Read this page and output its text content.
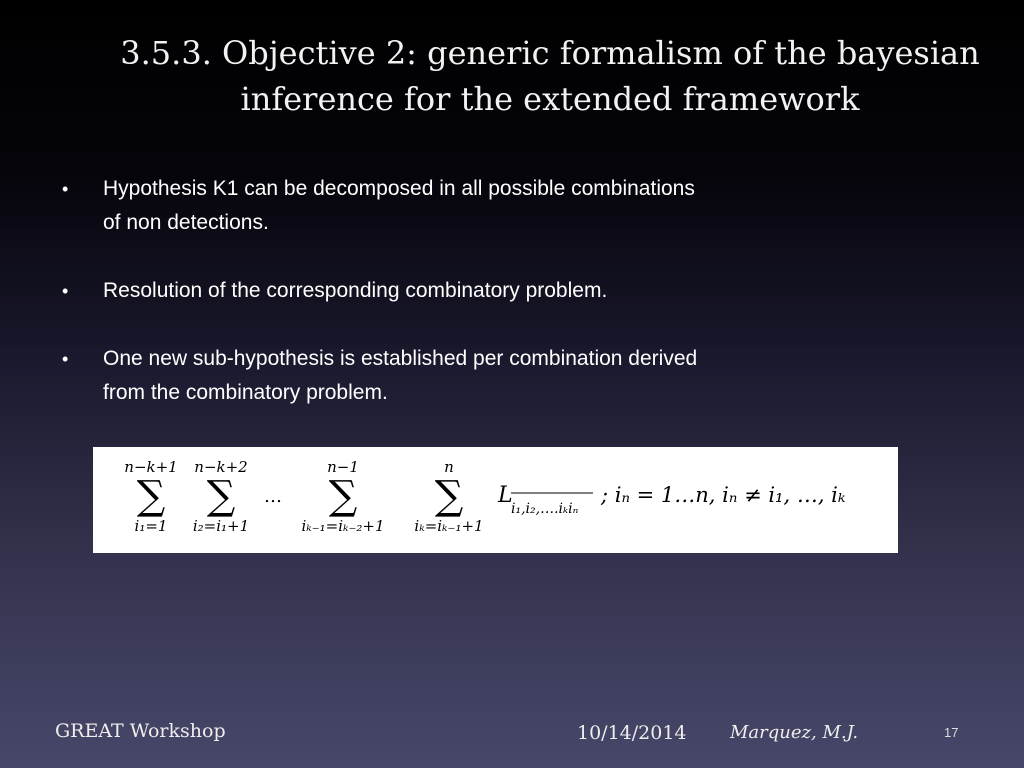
3.5.3. Objective 2: generic formalism of the bayesian
inference for the extended framework
• Hypothesis K1 can be decomposed in all possible combinations
of non detections.
• Resolution of the corresponding combinatory problem.
• One new sub-hypothesis is established per combination derived
from the combinatory problem.
n−k+1
∑
i₁=1
n−k+2
∑
i₂=i₁+1
…
n−1
∑
iₖ₋₁=iₖ₋₂+1
n
∑
iₖ=iₖ₋₁+1
L
i₁,i₂,….iₖiₙ
; iₙ = 1…n, iₙ ≠ i₁, …, iₖ
GREAT Workshop	10/14/2014 Marquez, M.J.	17
